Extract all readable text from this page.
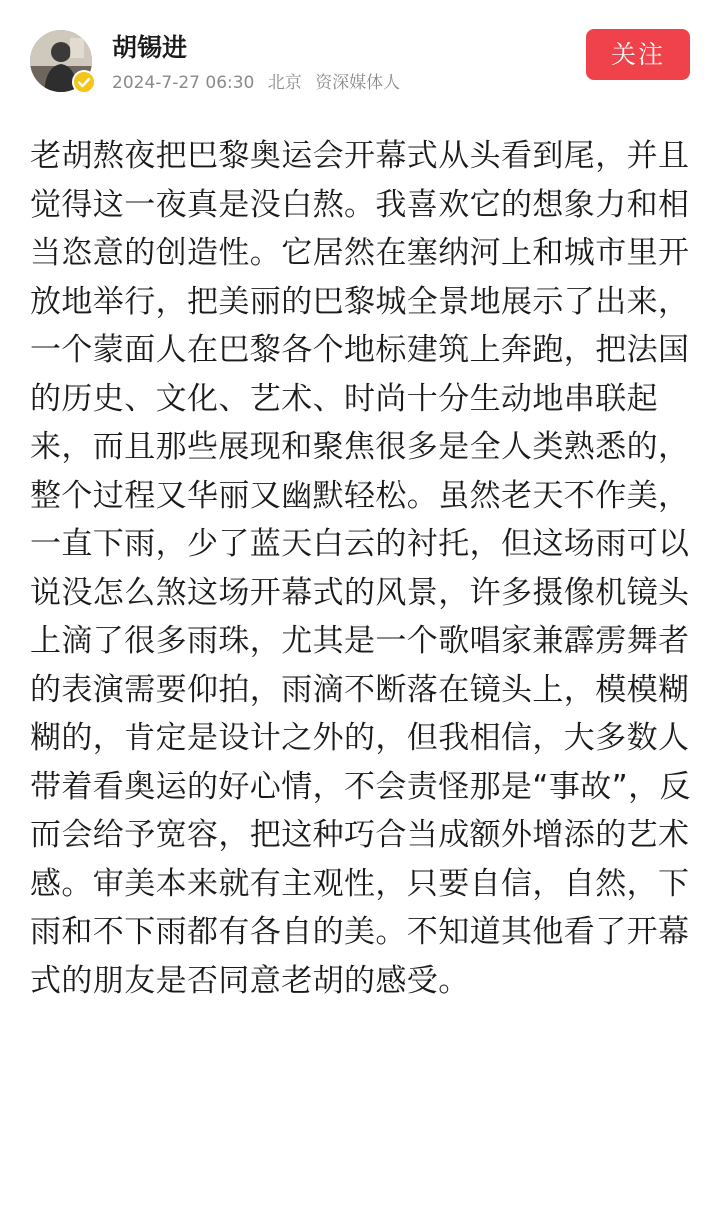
胡锡进
2024-7-27 06:30 北京 资深媒体人
关注

老胡熬夜把巴黎奥运会开幕式从头看到尾，并且觉得这一夜真是没白熬。我喜欢它的想象力和相当恣意的创造性。它居然在塞纳河上和城市里开放地举行，把美丽的巴黎城全景地展示了出来，一个蒙面人在巴黎各个地标建筑上奔跑，把法国的历史、文化、艺术、时尚十分生动地串联起来，而且那些展现和聚焦很多是全人类熟悉的，整个过程又华丽又幽默轻松。虽然老天不作美，一直下雨，少了蓝天白云的衬托，但这场雨可以说没怎么煞这场开幕式的风景，许多摄像机镜头上滴了很多雨珠，尤其是一个歌唱家兼霹雳舞者的表演需要仰拍，雨滴不断落在镜头上，模模糊糊的，肯定是设计之外的，但我相信，大多数人带着看奥运的好心情，不会责怪那是“事故”，反而会给予宽容，把这种巧合当成额外增添的艺术感。审美本来就有主观性，只要自信，自然，下雨和不下雨都有各自的美。不知道其他看了开幕式的朋友是否同意老胡的感受。
